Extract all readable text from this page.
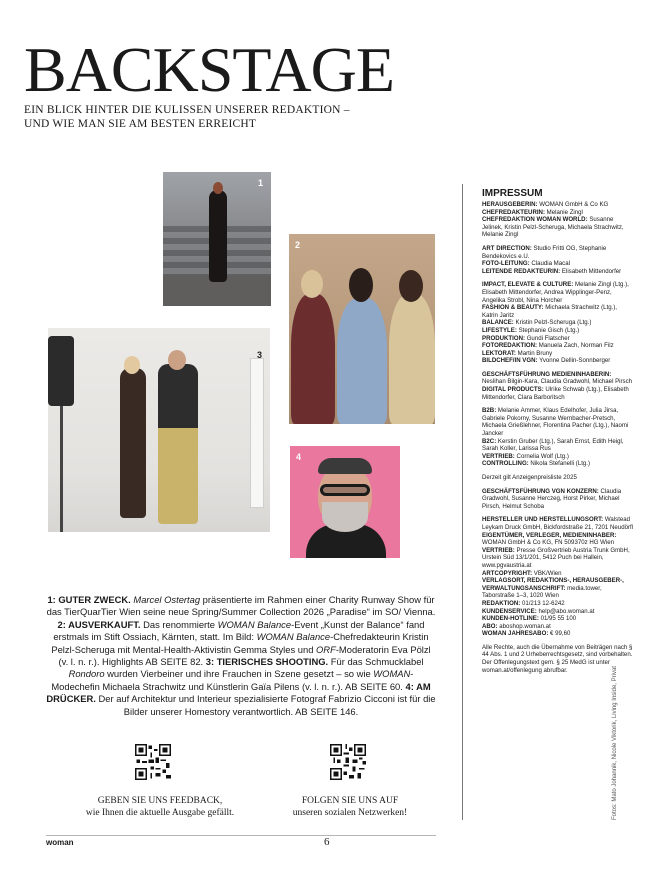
BACKSTAGE
EIN BLICK HINTER DIE KULISSEN UNSERER REDAKTION –
UND WIE MAN SIE AM BESTEN ERREICHT
1
2
3
4
1: GUTER ZWECK. Marcel Ostertag präsentierte im Rahmen einer Charity Runway Show für das TierQuarTier Wien seine neue Spring/Summer Collection 2026 „Paradise“ im SO/ Vienna. 2: AUSVERKAUFT. Das renommierte WOMAN Balance-Event „Kunst der Balance“ fand erstmals im Stift Ossiach, Kärnten, statt. Im Bild: WOMAN Balance-Chefredakteurin Kristin Pelzl-Scheruga mit Mental-Health-Aktivistin Gemma Styles und ORF-Moderatorin Eva Pölzl (v. l. n. r.). Highlights AB SEITE 82. 3: TIERISCHES SHOOTING. Für das Schmucklabel Rondoro wurden Vierbeiner und ihre Frauchen in Szene gesetzt – so wie WOMAN-Modechefin Michaela Strachwitz und Künstlerin Gaïa Pilens (v. l. n. r.). AB SEITE 60. 4: AM DRÜCKER. Der auf Architektur und Interieur spezialisierte Fotograf Fabrizio Cicconi ist für die Bilder unserer Homestory verantwortlich. AB SEITE 146.
GEBEN SIE UNS FEEDBACK,
wie Ihnen die aktuelle Ausgabe gefällt.
FOLGEN SIE UNS AUF
unseren sozialen Netzwerken!
woman	6
IMPRESSUM
HERAUSGEBERIN: WOMAN GmbH & Co KG
CHEFREDAKTEURIN: Melanie Zingl
CHEFREDAKTION WOMAN WORLD: Susanne Jelinek, Kristin Pelzl-Scheruga, Michaela Strachwitz, Melanie Zingl
ART DIRECTION: Studio Fritti OG, Stephanie Bendekovics e.U.
FOTO-LEITUNG: Claudia Macal
LEITENDE REDAKTEURIN: Elisabeth Mittendorfer
IMPACT, ELEVATE & CULTURE: Melanie Zingl (Ltg.), Elisabeth Mittendorfer, Andrea Wipplinger-Penz, Angelika Strobl, Nina Horcher
FASHION & BEAUTY: Michaela Strachwitz (Ltg.), Katrin Jaritz
BALANCE: Kristin Pelzl-Scheruga (Ltg.)
LIFESTYLE: Stephanie Gisch (Ltg.)
PRODUKTION: Gundi Flatscher
FOTOREDAKTION: Manuela Zach, Norman Filz
LEKTORAT: Martin Bruny
BILDCHEF/IN VGN: Yvonne Dellin-Sonnberger
GESCHÄFTSFÜHRUNG MEDIENINHABERIN: Neslihan Bilgin-Kara, Claudia Gradwohl, Michael Pirsch
DIGITAL PRODUCTS: Ulrike Schwab (Ltg.), Elisabeth Mittendorfer, Clara Barboritsch
B2B: Melanie Ammer, Klaus Edelhofer, Julia Jirsa, Gabriele Pokorny, Susanne Wernbacher-Pretsch, Michaela Grießlehner, Florentina Pacher (Ltg.), Naomi Jancker
B2C: Kerstin Gruber (Ltg.), Sarah Ernst, Edith Heigl, Sarah Koller, Larissa Rus
VERTRIEB: Cornelia Wolf (Ltg.)
CONTROLLING: Nikola Stefanelli (Ltg.)
Derzeit gilt Anzeigenpreisliste 2025
GESCHÄFTSFÜHRUNG VGN KONZERN: Claudia Gradwohl, Susanne Herczeg, Horst Pirker, Michael Pirsch, Helmut Schoba
HERSTELLER UND HERSTELLUNGSORT: Walstead Leykam Druck GmbH, Bickfordstraße 21, 7201 Neudörfl
EIGENTÜMER, VERLEGER, MEDIENINHABER: WOMAN GmbH & Co KG, FN 509370z HG Wien
VERTRIEB: Presse Großvertrieb Austria Trunk GmbH, Urstein Süd 13/1/201, 5412 Puch bei Hallein, www.pgvaustria.at
ARTCOPYRIGHT: VBK/Wien
VERLAGSORT, REDAKTIONS-, HERAUSGEBER-, VERWALTUNGSANSCHRIFT: media.tower, Taborstraße 1–3, 1020 Wien
REDAKTION: 01/213 12-6242
KUNDENSERVICE: help@abo.woman.at
KUNDEN-HOTLINE: 01/95 55 100
ABO: aboshop.woman.at
WOMAN JAHRESABO: € 99,60
Alle Rechte, auch die Übernahme von Beiträgen nach § 44 Abs. 1 und 2 Urheberrechtsgesetz, sind vorbehalten. Der Offenlegungstext gem. § 25 MedG ist unter woman.at/offenlegung abrufbar.	Fotos: Mato Johannik, Nicole Viktorik, Living Inside, Privat
